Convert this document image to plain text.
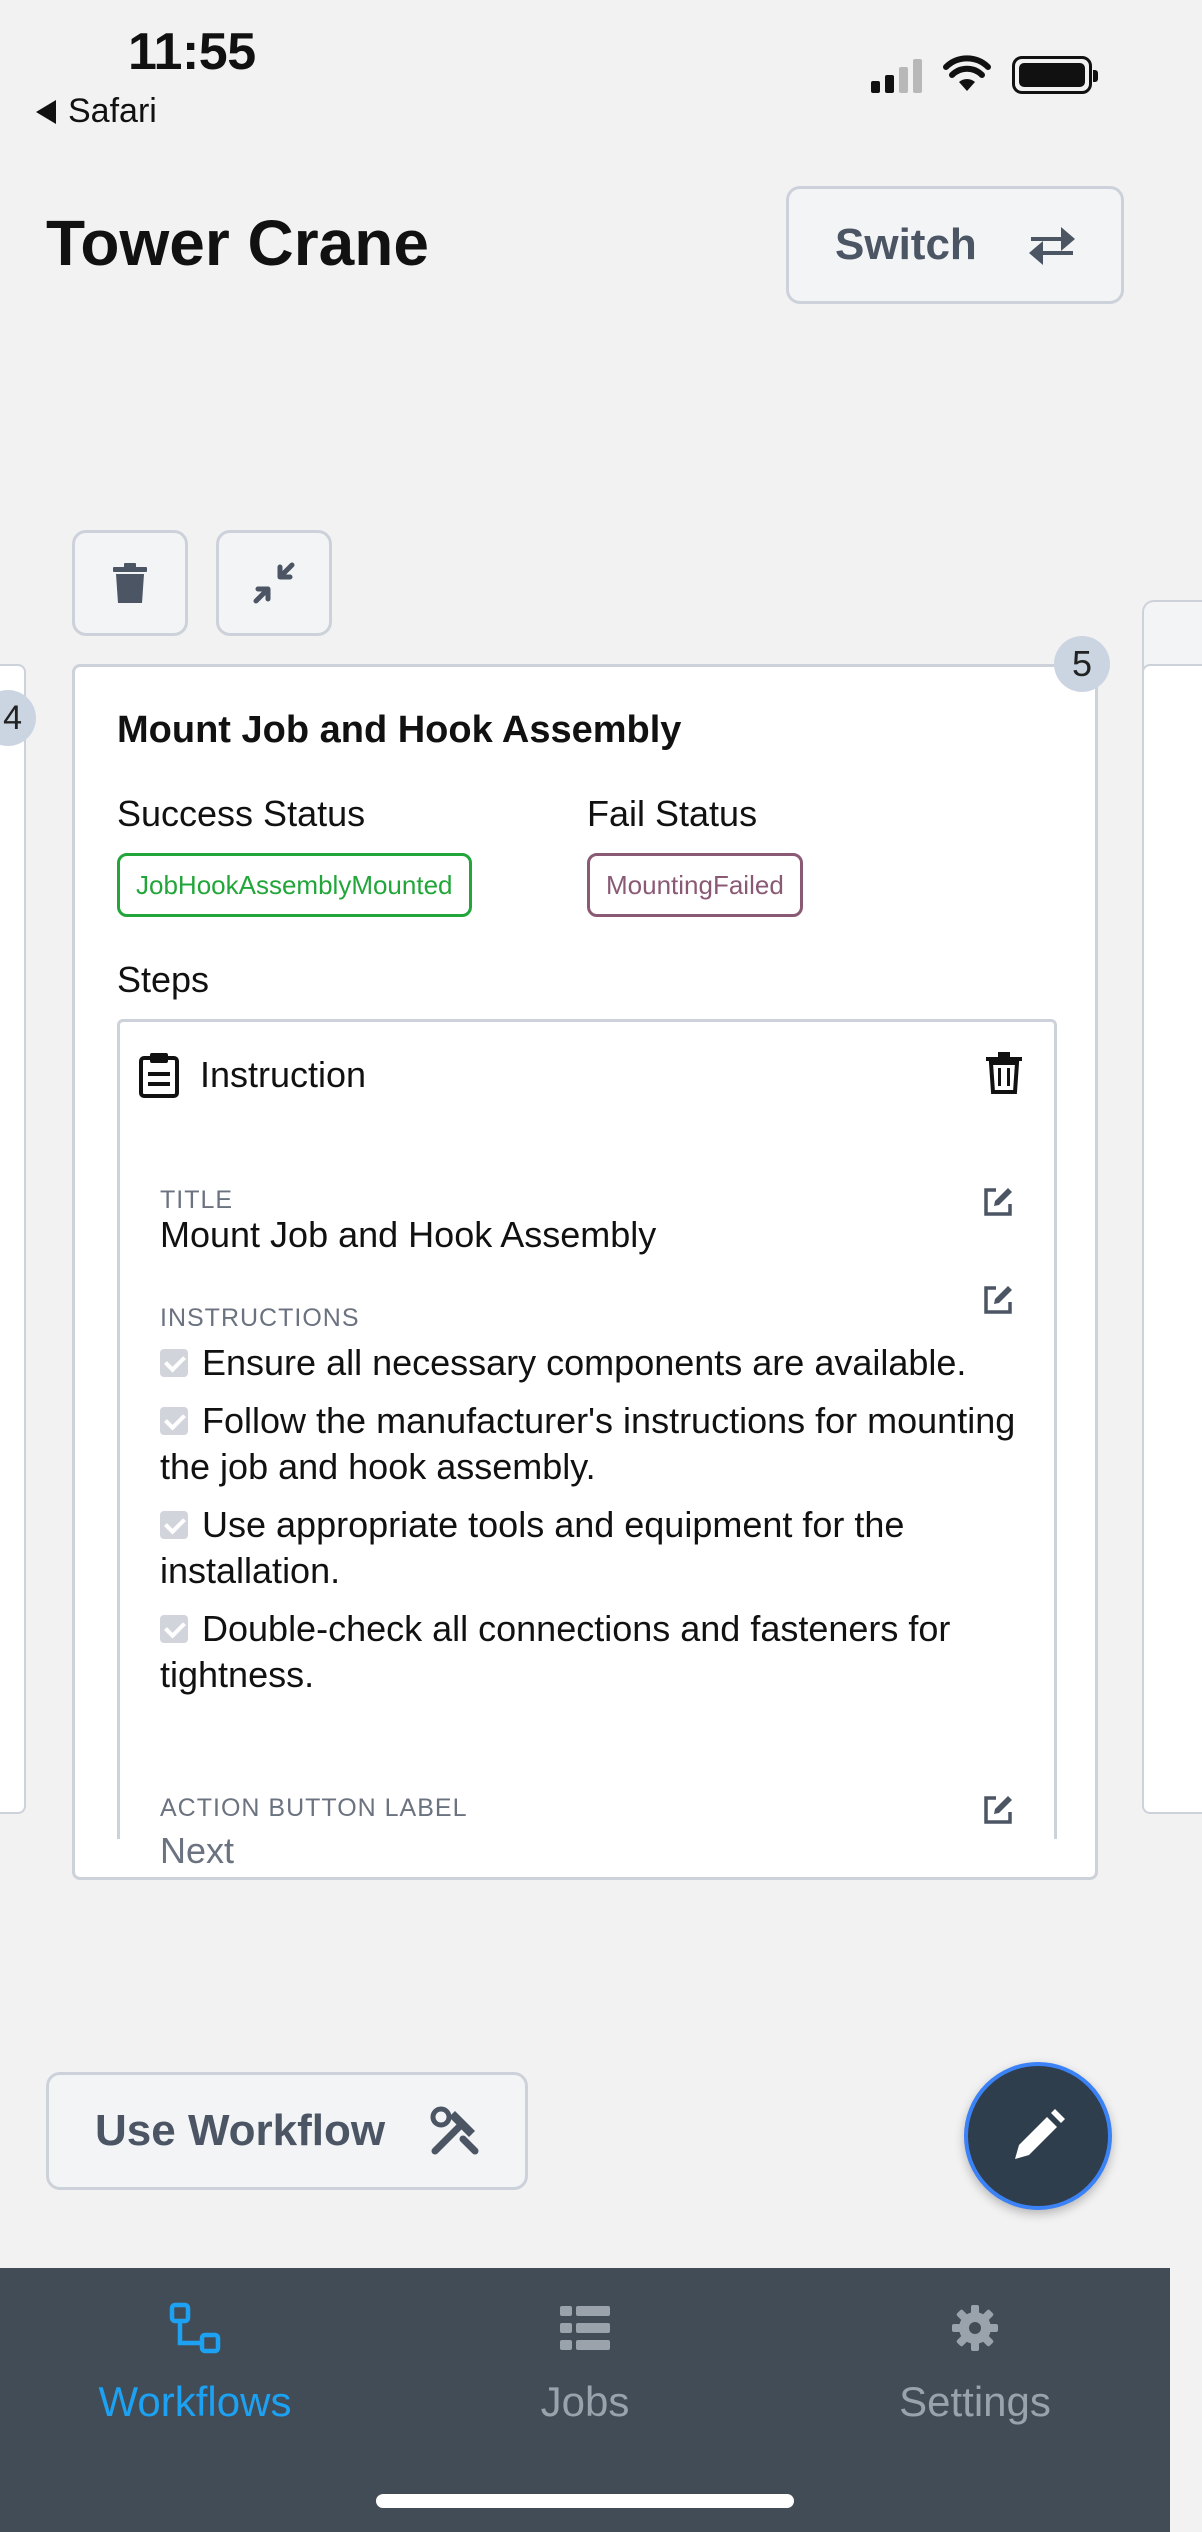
11:55
Safari
Tower Crane	Switch
4
5
Mount Job and Hook Assembly
Success Status
JobHookAssemblyMounted
Fail Status
MountingFailed
Steps
Instruction
TITLE
Mount Job and Hook Assembly
INSTRUCTIONS
Ensure all necessary components are available.
Follow the manufacturer's instructions for mounting the job and hook assembly.
Use appropriate tools and equipment for the installation.
Double-check all connections and fasteners for tightness.
ACTION BUTTON LABEL
Next
Use Workflow
Workflows	Jobs	Settings
